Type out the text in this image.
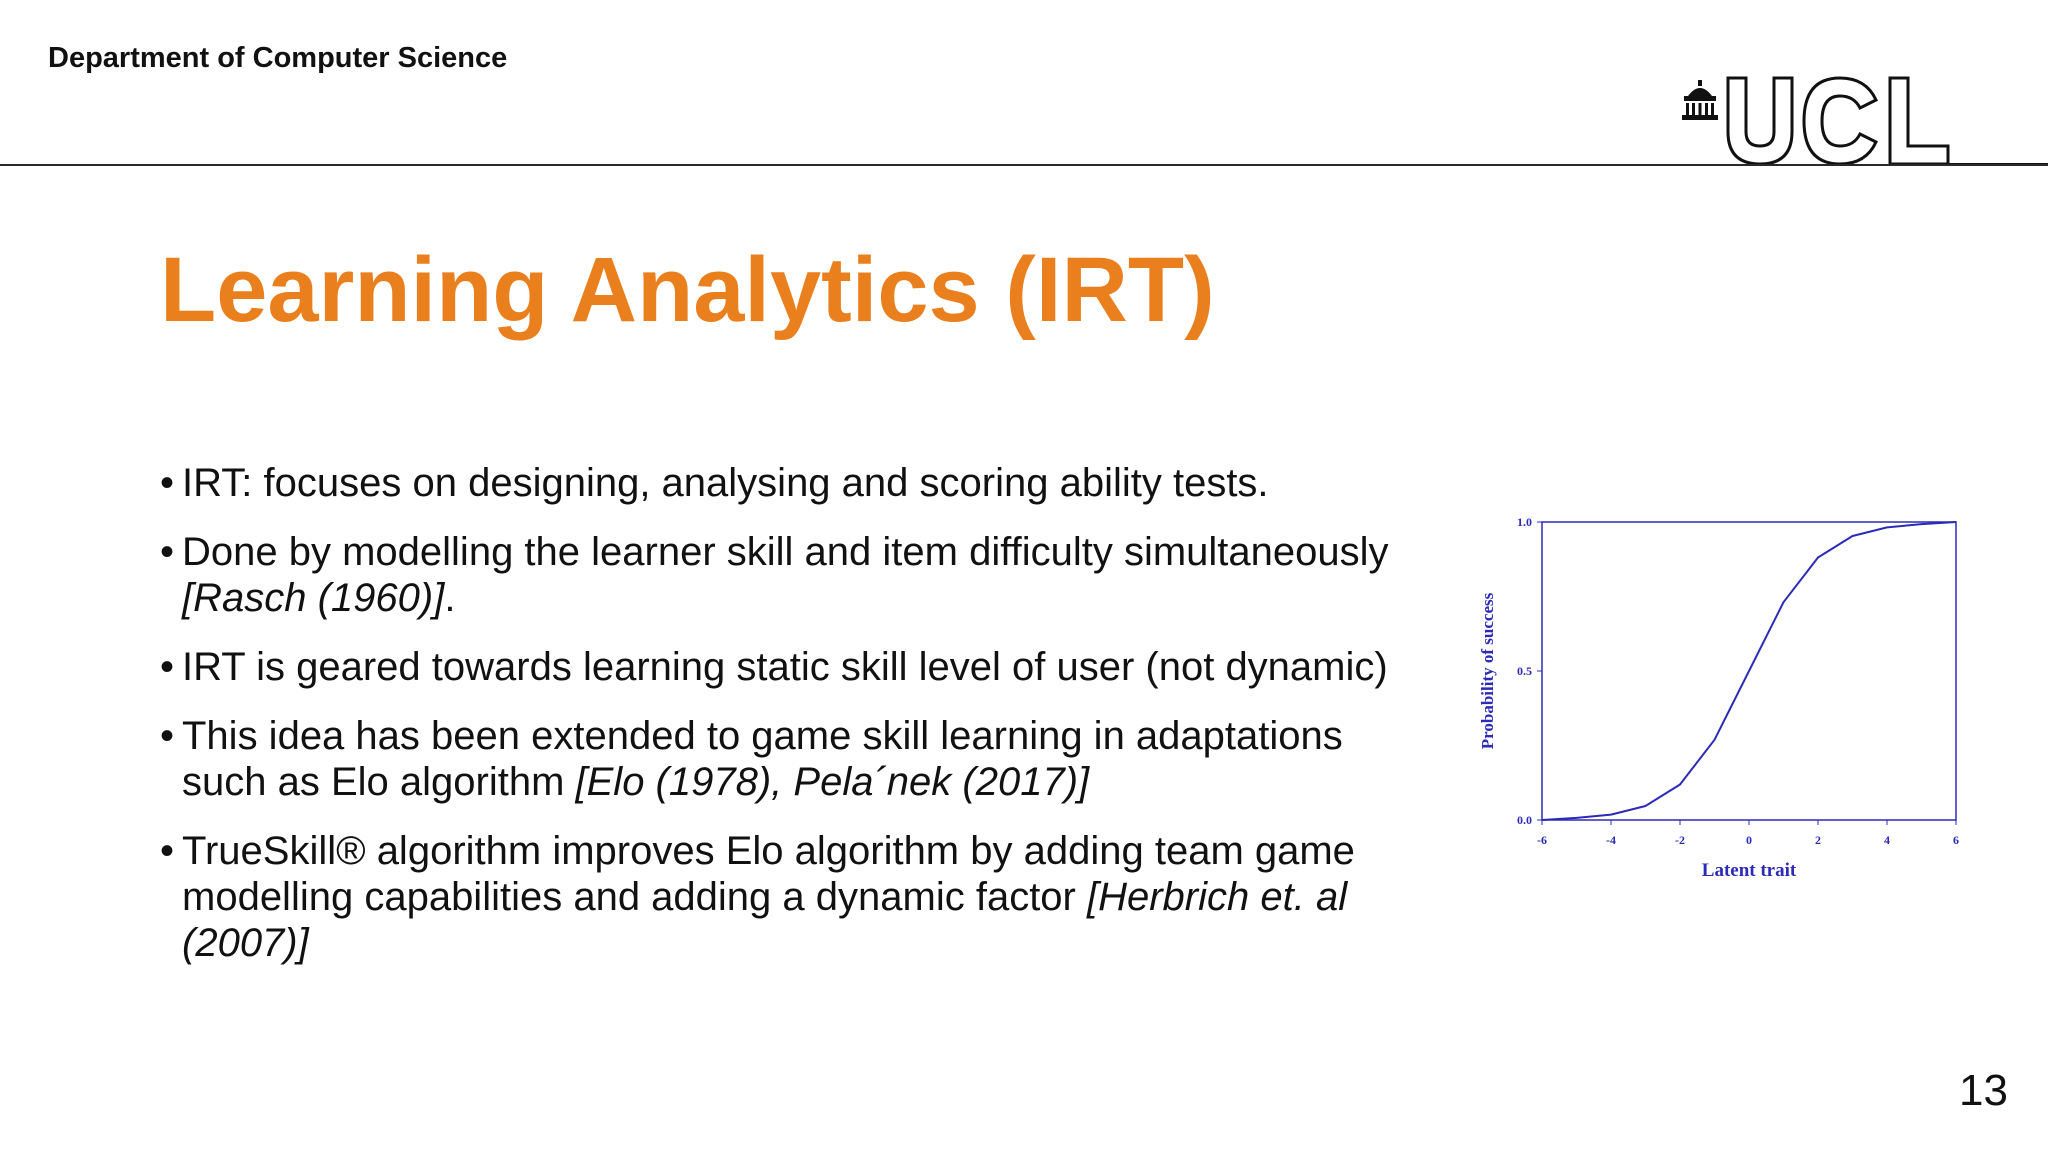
Department of Computer Science
Learning Analytics (IRT)
• IRT: focuses on designing, analysing and scoring ability tests.
• Done by modelling the learner skill and item difficulty simultaneously [Rasch (1960)].
• IRT is geared towards learning static skill level of user (not dynamic)
• This idea has been extended to game skill learning in adaptations such as Elo algorithm [Elo (1978), Pela´nek (2017)]
• TrueSkill® algorithm improves Elo algorithm by adding team game modelling capabilities and adding a dynamic factor [Herbrich et. al (2007)]
-6	-4	-2	0	2	4	6
0.0
0.5
1.0
Latent trait
Probability of success
13
